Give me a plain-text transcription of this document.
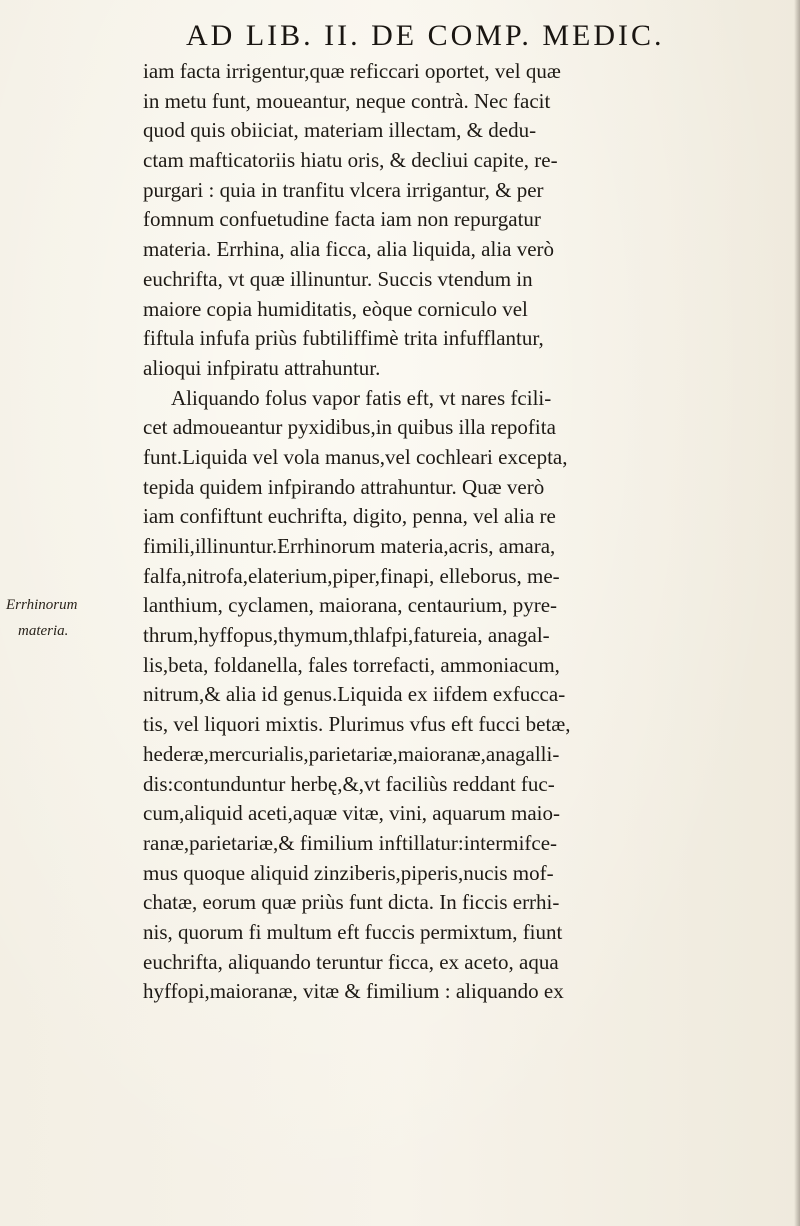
AD LIB. II. DE COMP. MEDIC.
Errhinorum
materia.
iam facta irrigentur,quæ reficcari oportet, vel quæ
in metu funt, moueantur, neque contrà. Nec facit
quod quis obiiciat, materiam illectam, & dedu-
ctam mafticatoriis hiatu oris, & decliui capite, re-
purgari : quia in tranfitu vlcera irrigantur, & per
fomnum confuetudine facta iam non repurgatur
materia. Errhina, alia ficca, alia liquida, alia verò
euchrifta, vt quæ illinuntur. Succis vtendum in
maiore copia humiditatis, eòque corniculo vel
fiftula infufa priùs fubtiliffimè trita infufflantur,
alioqui infpiratu attrahuntur.
Aliquando folus vapor fatis eft, vt nares fcili-
cet admoueantur pyxidibus,in quibus illa repofita
funt.Liquida vel vola manus,vel cochleari excepta,
tepida quidem infpirando attrahuntur. Quæ verò
iam confiftunt euchrifta, digito, penna, vel alia re
fimili,illinuntur.Errhinorum materia,acris, amara,
falfa,nitrofa,elaterium,piper,finapi, elleborus, me-
lanthium, cyclamen, maiorana, centaurium, pyre-
thrum,hyffopus,thymum,thlafpi,fatureia, anagal-
lis,beta, foldanella, fales torrefacti, ammoniacum,
nitrum,& alia id genus.Liquida ex iifdem exfucca-
tis, vel liquori mixtis. Plurimus vfus eft fucci betæ,
hederæ,mercurialis,parietariæ,maioranæ,anagalli-
dis:contunduntur herbę,&,vt faciliùs reddant fuc-
cum,aliquid aceti,aquæ vitæ, vini, aquarum maio-
ranæ,parietariæ,& fimilium inftillatur:intermifce-
mus quoque aliquid zinziberis,piperis,nucis mof-
chatæ, eorum quæ priùs funt dicta. In ficcis errhi-
nis, quorum fi multum eft fuccis permixtum, fiunt
euchrifta, aliquando teruntur ficca, ex aceto, aqua
hyffopi,maioranæ, vitæ & fimilium : aliquando ex
